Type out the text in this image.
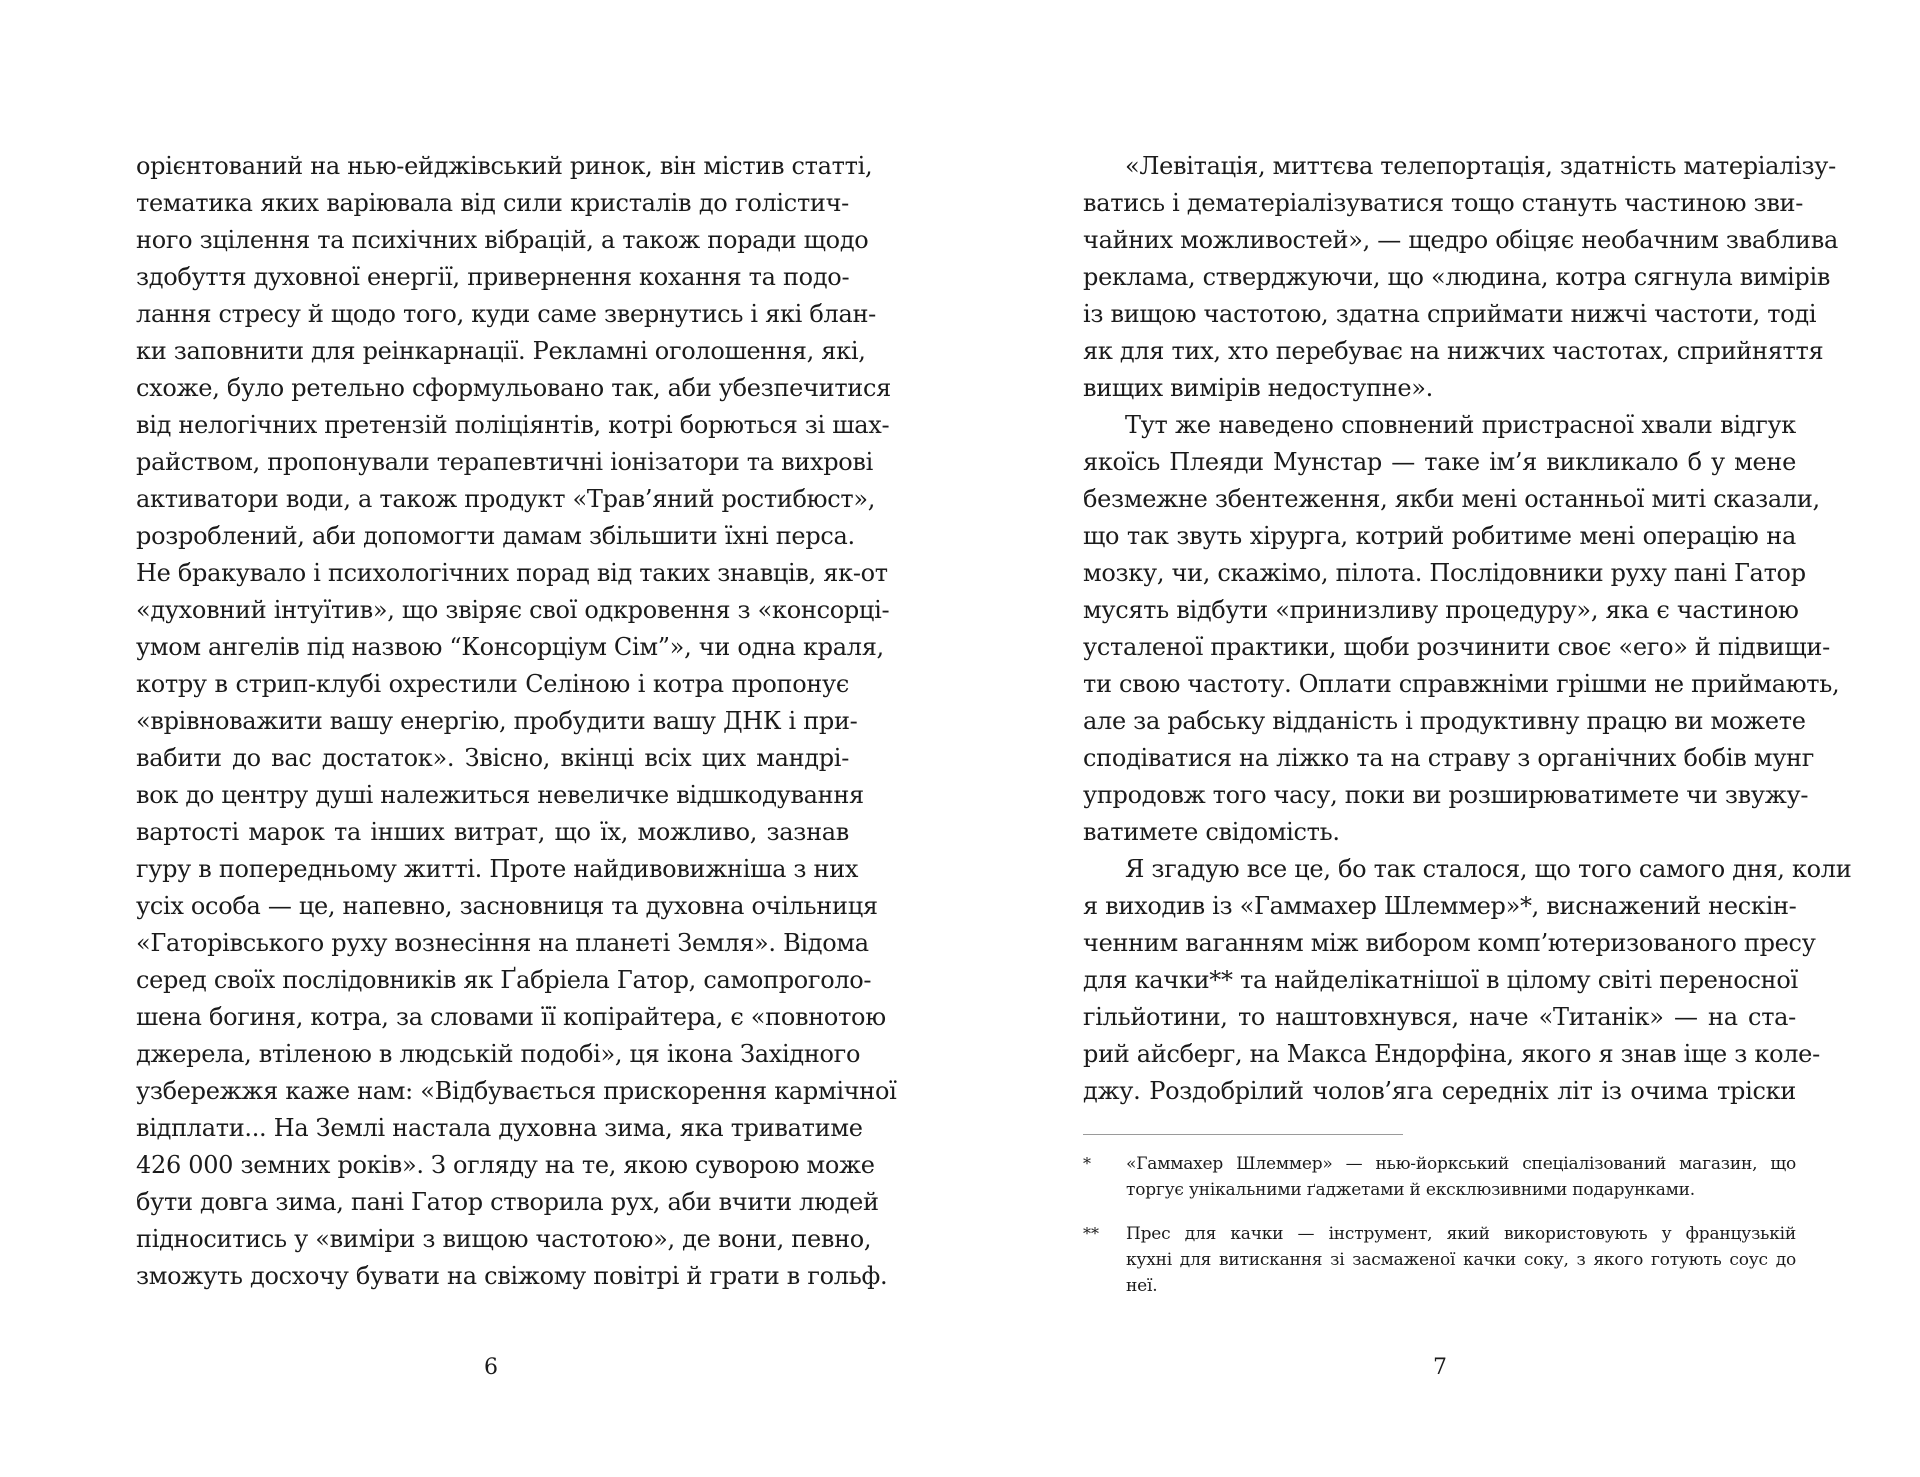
орієнтований на нью-ейджівський ринок, він містив статті,
тематика яких варіювала від сили кристалів до голістич-
ного зцілення та психічних вібрацій, а також поради щодо
здобуття духовної енергії, привернення кохання та подо-
лання стресу й щодо того, куди саме звернутись і які блан-
ки заповнити для реінкарнації. Рекламні оголошення, які,
схоже, було ретельно сформульовано так, аби убезпечитися
від нелогічних претензій поліціянтів, котрі борються зі шах-
райством, пропонували терапевтичні іонізатори та вихрові
активатори води, а також продукт «Трав’яний ростибюст»,
розроблений, аби допомогти дамам збільшити їхні перса.
Не бракувало і психологічних порад від таких знавців, як-от
«духовний інтуїтив», що звіряє свої одкровення з «консорці-
умом ангелів під назвою “Консорціум Сім”», чи одна краля,
котру в стрип-клубі охрестили Селіною і котра пропонує
«врівноважити вашу енергію, пробудити вашу ДНК і при-
вабити до вас достаток». Звісно, вкінці всіх цих мандрі-
вок до центру душі належиться невеличке відшкодування
вартості марок та інших витрат, що їх, можливо, зазнав
гуру в попередньому житті. Проте найдивовижніша з них
усіх особа — це, напевно, засновниця та духовна очільниця
«Гаторівського руху вознесіння на планеті Земля». Відома
серед своїх послідовників як Ґабріела Гатор, самопроголо-
шена богиня, котра, за словами її копірайтера, є «повнотою
джерела, втіленою в людській подобі», ця ікона Західного
узбережжя каже нам: «Відбувається прискорення кармічної
відплати... На Землі настала духовна зима, яка триватиме
426 000 земних років». З огляду на те, якою суворою може
бути довга зима, пані Гатор створила рух, аби вчити людей
підноситись у «виміри з вищою частотою», де вони, певно,
зможуть досхочу бувати на свіжому повітрі й грати в гольф.
«Левітація, миттєва телепортація, здатність матеріалізу-
ватись і дематеріалізуватися тощо стануть частиною зви-
чайних можливостей», — щедро обіцяє необачним зваблива
реклама, стверджуючи, що «людина, котра сягнула вимірів
із вищою частотою, здатна сприймати нижчі частоти, тоді
як для тих, хто перебуває на нижчих частотах, сприйняття
вищих вимірів недоступне».
Тут же наведено сповнений пристрасної хвали відгук
якоїсь Плеяди Мунстар — таке ім’я викликало б у мене
безмежне збентеження, якби мені останньої миті сказали,
що так звуть хірурга, котрий робитиме мені операцію на
мозку, чи, скажімо, пілота. Послідовники руху пані Гатор
мусять відбути «принизливу процедуру», яка є частиною
усталеної практики, щоби розчинити своє «его» й підвищи-
ти свою частоту. Оплати справжніми грішми не приймають,
але за рабську відданість і продуктивну працю ви можете
сподіватися на ліжко та на страву з органічних бобів мунг
упродовж того часу, поки ви розширюватимете чи звужу-
ватимете свідомість.
Я згадую все це, бо так сталося, що того самого дня, коли
я виходив із «Гаммахер Шлеммер»*, виснажений нескін-
ченним ваганням між вибором комп’ютеризованого пресу
для качки** та найделікатнішої в цілому світі переносної
гільйотини, то наштовхнувся, наче «Титанік» — на ста-
рий айсберг, на Макса Ендорфіна, якого я знав іще з коле-
джу. Роздобрілий чолов’яга середніх літ із очима тріски
* «Гаммахер Шлеммер» — нью-йоркський спеціалізований магазин, що
торгує унікальними ґаджетами й ексклюзивними подарунками.
** Прес для качки — інструмент, який використовують у французькій
кухні для витискання зі засмаженої качки соку, з якого готують соус до
неї.
6	7
